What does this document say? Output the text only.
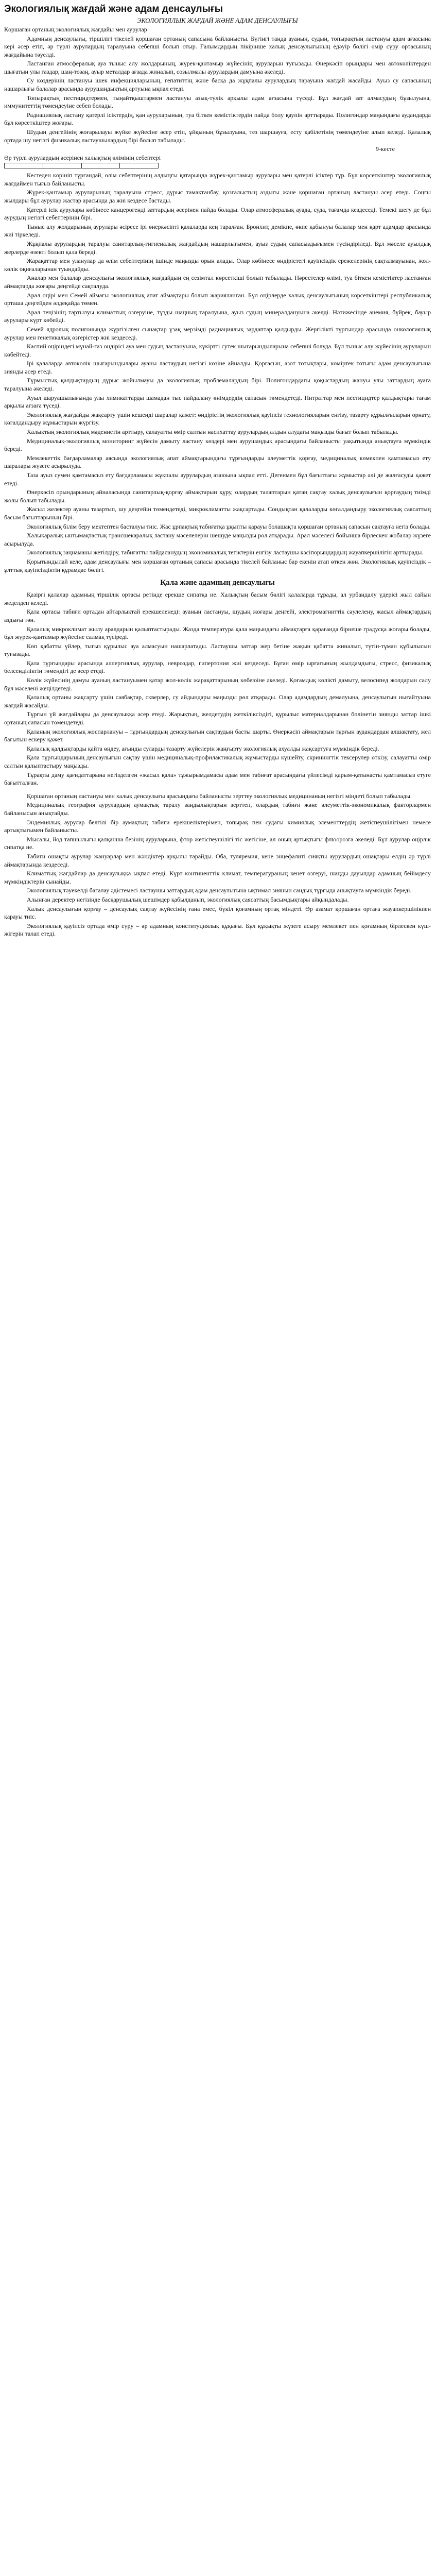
Экологиялық жағдай және адам денсаулығы
ЭКОЛОГИЯЛЫҚ ЖАҒДАЙ ЖӘНЕ АДАМ ДЕНСАУЛЫҒЫ
Қоршаған ортаның экологиялық жағдайы мен аурулар

Адамның денсаулығы, тіршілігі тікелей қоршаған ортаның сапасына байланысты. Бүгінгі таңда ауаның, судың, топырақтың ластануы адам ағзасына кері әсер етіп, әр түрлі аурулардың таралуына себепші болып отыр. Ғалымдардың пікірінше халық денсаулығының едәуір бөлігі өмір сүру ортасының жағдайына тәуелді.

Ластанған атмосфералық ауа тыныс алу жолдарының, жүрек-қантамыр жүйесінің ауруларын туғызады. Өнеркәсіп орындары мен автокөліктерден шығатын улы газдар, шаң-тозаң, ауыр металдар ағзада жиналып, созылмалы аурулардың дамуына әкеледі.

Су көздерінің ластануы ішек инфекцияларының, гепатиттің және басқа да жұқпалы аурулардың тарауына жағдай жасайды. Ауыз су сапасының нашарлығы балалар арасында аурушаңдықтың артуына ықпал етеді.

Топырақтың пестицидтермен, тыңайтқыштармен ластануы азық-түлік арқылы адам ағзасына түседі. Бұл жағдай зат алмасудың бұзылуына, иммунитеттің төмендеуіне себеп болады.

Радиациялық ластану қатерлі ісіктердің, қан ауруларының, туа біткен кемістіктердің пайда болу қаупін арттырады. Полигондар маңындағы аудандарда бұл көрсеткіштер жоғары.

Шудың деңгейінің жоғарылауы жүйке жүйесіне әсер етіп, ұйқының бұзылуына, тез шаршауға, есту қабілетінің төмендеуіне алып келеді. Қалалық ортада шу негізгі физикалық ластаушылардың бірі болып табылады.

9-кесте
Әр түрлі аурулардың әсерінен халықтың өлімінің себептері

Кестеден көрініп тұрғандай, өлім себептерінің алдыңғы қатарында жүрек-қантамыр аурулары мен қатерлі ісіктер тұр. Бұл көрсеткіштер экологиялық жағдаймен тығыз байланысты.

Жүрек-қантамыр ауруларының таралуына стресс, дұрыс тамақтанбау, қозғалыстың аздығы және қоршаған ортаның ластануы әсер етеді. Соңғы жылдары бұл аурулар жастар арасында да жиі кездесе бастады.

Қатерлі ісік аурулары көбінесе канцерогенді заттардың әсерінен пайда болады. Олар атмосфералық ауада, суда, тағамда кездеседі. Темекі шегу де бұл аурудың негізгі себептерінің бірі.

Тыныс алу жолдарының аурулары әсіресе ірі өнеркәсіпті қалаларда кең таралған. Бронхит, демікпе, өкпе қабынуы балалар мен қарт адамдар арасында жиі тіркеледі.

Жұқпалы аурулардың таралуы санитарлық-гигиеналық жағдайдың нашарлығымен, ауыз судың сапасыздығымен түсіндіріледі. Бұл мәселе ауылдық жерлерде өзекті болып қала береді.

Жарақаттар мен уланулар да өлім себептерінің ішінде маңызды орын алады. Олар көбінесе өндірістегі қауіпсіздік ережелерінің сақталмауынан, жол-көлік оқиғаларынан туындайды.

Аналар мен балалар денсаулығы экологиялық жағдайдың ең сезімтал көрсеткіші болып табылады. Нәрестелер өлімі, туа біткен кемістіктер ластанған аймақтарда жоғары деңгейде сақталуда.

Арал өңірі мен Семей аймағы экологиялық апат аймақтары болып жарияланған. Бұл өңірлерде халық денсаулығының көрсеткіштері республикалық орташа деңгейден әлдеқайда төмен.

Арал теңізінің тартылуы климаттың өзгеруіне, тұзды шаңның таралуына, ауыз судың минералдануына әкелді. Нәтижесінде анемия, бүйрек, бауыр аурулары күрт көбейді.

Семей ядролық полигонында жүргізілген сынақтар ұзақ мерзімді радиациялық зардаптар қалдырды. Жергілікті тұрғындар арасында онкологиялық аурулар мен генетикалық өзгерістер жиі кездеседі.

Каспий өңіріндегі мұнай-газ өндірісі ауа мен судың ластануына, күкіртті сутек шығарындыларына себепші болуда. Бұл тыныс алу жүйесінің ауруларын көбейтеді.

Ірі қалаларда автокөлік шығарындылары ауаны ластаудың негізгі көзіне айналды. Қорғасын, азот тотықтары, көміртек тотығы адам денсаулығына зиянды әсер етеді.

Тұрмыстық қалдықтардың дұрыс жойылмауы да экологиялық проблемалардың бірі. Полигондардағы қоқыстардың жануы улы заттардың ауаға таралуына әкеледі.

Ауыл шаруашылығында улы химикаттарды шамадан тыс пайдалану өнімдердің сапасын төмендетеді. Нитраттар мен пестицидтер қалдықтары тағам арқылы ағзаға түседі.

Экологиялық жағдайды жақсарту үшін кешенді шаралар қажет: өндірістің экологиялық қауіпсіз технологияларын енгізу, тазарту құрылғыларын орнату, көгалдандыру жұмыстарын жүргізу.

Халықтың экологиялық мәдениетін арттыру, салауатты өмір салтын насихаттау аурулардың алдын алудағы маңызды бағыт болып табылады.

Медициналық-экологиялық мониторинг жүйесін дамыту ластану көздері мен аурушаңдық арасындағы байланысты уақытында анықтауға мүмкіндік береді.

Мемлекеттік бағдарламалар аясында экологиялық апат аймақтарындағы тұрғындарды әлеуметтік қорғау, медициналық көмекпен қамтамасыз ету шаралары жүзеге асырылуда.

Таза ауыз сумен қамтамасыз ету бағдарламасы жұқпалы аурулардың азаюына ықпал етті. Дегенмен бұл бағыттағы жұмыстар әлі де жалғасуды қажет етеді.

Өнеркәсіп орындарының айналасында санитарлық-қорғау аймақтарын құру, олардың талаптарын қатаң сақтау халық денсаулығын қорғаудың тиімді жолы болып табылады.

Жасыл желектер ауаны тазартып, шу деңгейін төмендетеді, микроклиматты жақсартады. Сондықтан қалаларды көгалдандыру экологиялық саясаттың басым бағыттарының бірі.

Экологиялық білім беру мектептен басталуы тиіс. Жас ұрпақтың табиғатқа ұқыпты қарауы болашақта қоршаған ортаның сапасын сақтауға негіз болады.

Халықаралық ынтымақтастық трансшекаралық ластану мәселелерін шешуде маңызды рөл атқарады. Арал мәселесі бойынша бірлескен жобалар жүзеге асырылуда.

Экологиялық заңнаманы жетілдіру, табиғатты пайдаланудың экономикалық тетіктерін енгізу ластаушы кәсіпорындардың жауапкершілігін арттырады.

Қорытындылай келе, адам денсаулығы мен қоршаған ортаның сапасы арасында тікелей байланыс бар екенін атап өткен жөн. Экологиялық қауіпсіздік – ұлттық қауіпсіздіктің құрамдас бөлігі.

Қала және адамның денсаулығы

Қазіргі қалалар адамның тіршілік ортасы ретінде ерекше сипатқа ие. Халықтың басым бөлігі қалаларда тұрады, ал урбандалу үдерісі жыл сайын жеделдеп келеді.

Қала ортасы табиғи ортадан айтарлықтай ерекшеленеді: ауаның ластануы, шудың жоғары деңгейі, электромагниттік сәулелену, жасыл аймақтардың аздығы тән.

Қалалық микроклимат жылу аралдарын қалыптастырады. Жазда температура қала маңындағы аймақтарға қарағанда бірнеше градусқа жоғары болады, бұл жүрек-қантамыр жүйесіне салмақ түсіреді.

Көп қабатты үйлер, тығыз құрылыс ауа алмасуын нашарлатады. Ластаушы заттар жер бетіне жақын қабатта жиналып, түтін-тұман құбылысын туғызады.

Қала тұрғындары арасында аллергиялық аурулар, невроздар, гипертония жиі кездеседі. Бұған өмір ырғағының жылдамдығы, стресс, физикалық белсенділіктің төмендігі де әсер етеді.

Көлік жүйесінің дамуы ауаның ластануымен қатар жол-көлік жарақаттарының көбеюіне әкеледі. Қоғамдық көлікті дамыту, велосипед жолдарын салу бұл мәселені жеңілдетеді.

Қалалық ортаны жақсарту үшін саябақтар, скверлер, су айдындары маңызды рөл атқарады. Олар адамдардың демалуына, денсаулығын нығайтуына жағдай жасайды.

Тұрғын үй жағдайлары да денсаулыққа әсер етеді. Жарықтың, желдетудің жеткіліксіздігі, құрылыс материалдарынан бөлінетін зиянды заттар ішкі ортаның сапасын төмендетеді.

Қаланың экологиялық жоспарлануы – тұрғындардың денсаулығын сақтаудың басты шарты. Өнеркәсіп аймақтарын тұрғын аудандардан алшақтату, жел бағытын ескеру қажет.

Қалалық қалдықтарды қайта өңдеу, ағынды суларды тазарту жүйелерін жаңғырту экологиялық ахуалды жақсартуға мүмкіндік береді.

Қала тұрғындарының денсаулығын сақтау үшін медициналық-профилактикалық жұмыстарды күшейту, скринингтік тексерулер өткізу, салауатты өмір салтын қалыптастыру маңызды.

Тұрақты даму қағидаттарына негізделген «жасыл қала» тұжырымдамасы адам мен табиғат арасындағы үйлесімді қарым-қатынасты қамтамасыз етуге бағытталған.

Қоршаған ортаның ластануы мен халық денсаулығы арасындағы байланысты зерттеу экологиялық медицинаның негізгі міндеті болып табылады.

Медициналық география аурулардың аумақтық таралу заңдылықтарын зерттеп, олардың табиғи және әлеуметтік-экономикалық факторлармен байланысын анықтайды.

Эндемиялық аурулар белгілі бір аумақтың табиғи ерекшеліктерімен, топырақ пен судағы химиялық элементтердің жетіспеушілігімен немесе артықтығымен байланысты.

Мысалы, йод тапшылығы қалқанша безінің ауруларына, фтор жетіспеушілігі тіс жегісіне, ал оның артықтығы флюорозға әкеледі. Бұл аурулар өңірлік сипатқа ие.

Табиғи ошақты аурулар жануарлар мен жәндіктер арқылы тарайды. Оба, туляремия, кене энцефалиті сияқты аурулардың ошақтары елдің әр түрлі аймақтарында кездеседі.

Климаттық жағдайлар да денсаулыққа ықпал етеді. Күрт континенттік климат, температураның кенет өзгеруі, шаңды дауылдар адамның бейімделу мүмкіндіктерін сынайды.

Экологиялық тәуекелді бағалау әдістемесі ластаушы заттардың адам денсаулығына ықтимал зиянын сандық тұрғыда анықтауға мүмкіндік береді.

Алынған деректер негізінде басқарушылық шешімдер қабылданып, экологиялық саясаттың басымдықтары айқындалады.

Халық денсаулығын қорғау – денсаулық сақтау жүйесінің ғана емес, бүкіл қоғамның ортақ міндеті. Әр азамат қоршаған ортаға жауапкершілікпен қарауы тиіс.

Экологиялық қауіпсіз ортада өмір сүру – әр адамның конституциялық құқығы. Бұл құқықты жүзеге асыру мемлекет пен қоғамның бірлескен күш-жігерін талап етеді.
